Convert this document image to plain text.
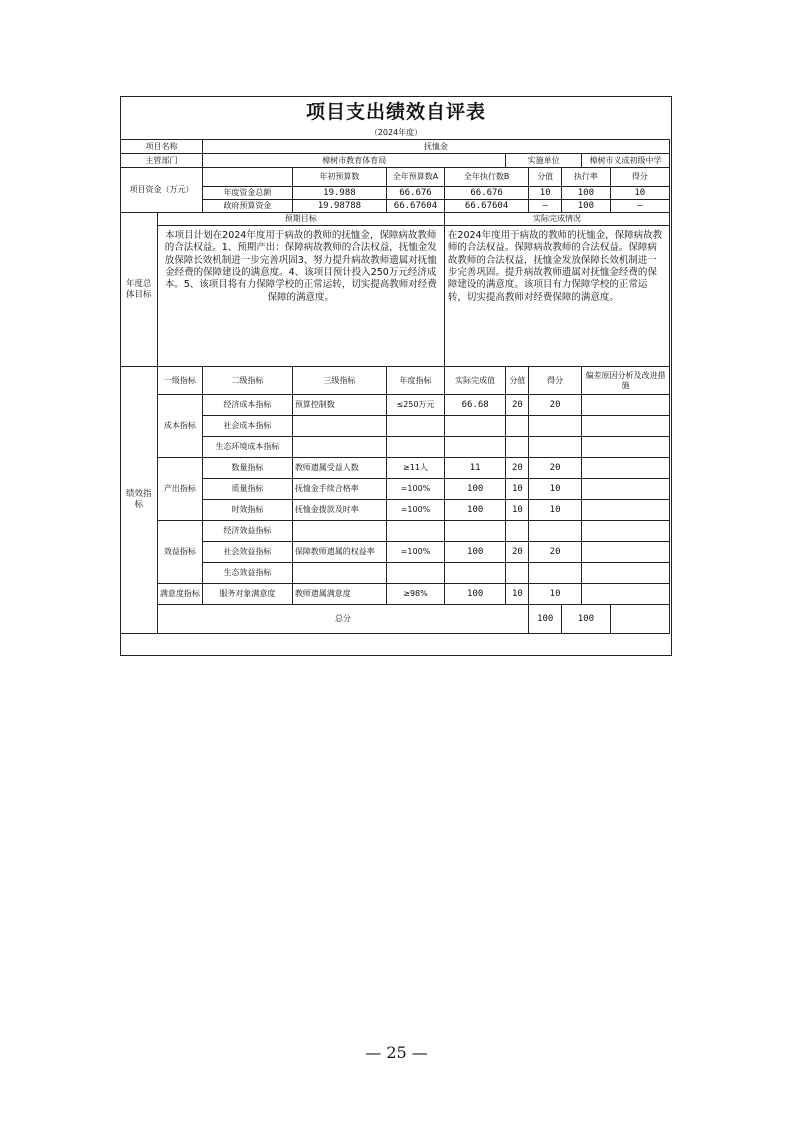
项目支出绩效自评表
（2024年度）
项目名称		抚恤金								
主管部门		樟树市教育体育局				实施单位			樟树市义成初级中学	
项目资金（万元）			年初预算数	全年预算数A	全年执行数B		分值	执行率		得分
		年度资金总额	19.988	66.676	66.676		10	100		10
		政府预算资金	19.98788	66.67604	66.67604		—	100		—
年度总体目标	预期目标				实际完成情况					
	本项目计划在2024年度用于病故的教师的抚恤金，保障病故教师的合法权益。1、预期产出：保障病故教师的合法权益，抚恤金发放保障长效机制进一步完善巩固3、努力提升病故教师遗属对抚恤金经费的保障建设的满意度。4、该项目预计投入250万元经济成本。5、该项目将有力保障学校的正常运转，切实提高教师对经费保障的满意度。				在2024年度用于病故的教师的抚恤金，保障病故教师的合法权益。保障病故教师的合法权益。保障病故教师的合法权益，抚恤金发放保障长效机制进一步完善巩固。提升病故教师遗属对抚恤金经费的保障建设的满意度。该项目有力保障学校的正常运转，切实提高教师对经费保障的满意度。					
绩效指标	一级指标	二级指标	三级指标	年度指标	实际完成值	分值	得分		偏差原因分析及改进措施	
	成本指标	经济成本指标	预算控制数	≤250万元	66.68	20	20			
		社会成本指标								
		生态环境成本指标								
	产出指标	数量指标	教师遗属受益人数	≥11人	11	20	20			
		质量指标	抚恤金手续合格率	=100%	100	10	10			
		时效指标	抚恤金拨款及时率	=100%	100	10	10			
	效益指标	经济效益指标								
		社会效益指标	保障教师遗属的权益率	=100%	100	20	20			
		生态效益指标								
	满意度指标	服务对象满意度	教师遗属满意度	≥98%	100	10	10			
	总分						100	100		
— 25 —
